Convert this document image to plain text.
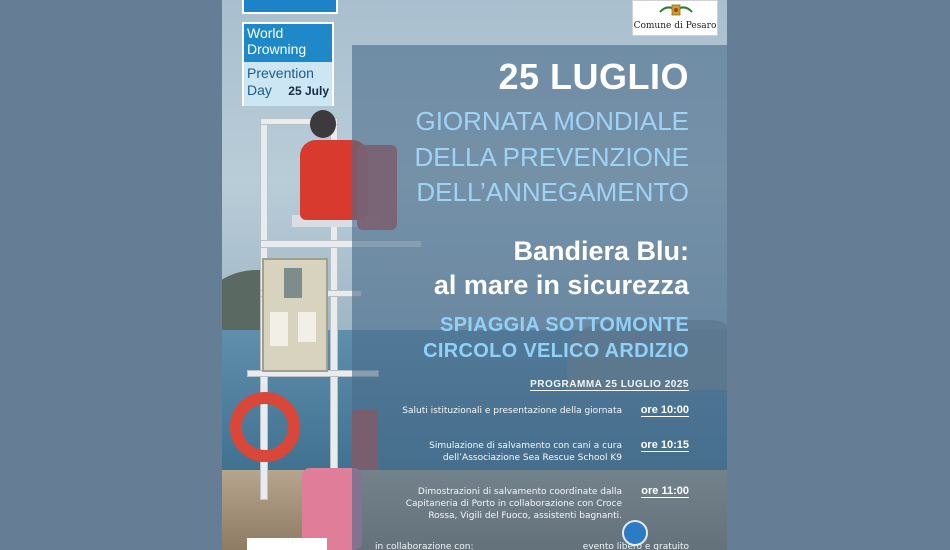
World
Drowning
Prevention
Day 25 July
Comune di Pesaro
25 LUGLIO
GIORNATA MONDIALE
DELLA PREVENZIONE
DELL’ANNEGAMENTO
Bandiera Blu:
al mare in sicurezza
SPIAGGIA SOTTOMONTE
CIRCOLO VELICO ARDIZIO
PROGRAMMA 25 LUGLIO 2025
Saluti istituzionali e presentazione della giornata ore 10:00
Simulazione di salvamento con cani a cura
dell’Associazione Sea Rescue School K9
ore 10:15
Dimostrazioni di salvamento coordinate dalla
Capitaneria di Porto in collaborazione con Croce
Rossa, Vigili del Fuoco, assistenti bagnanti.
ore 11:00
in collaborazione con:	evento libero e gratuito
